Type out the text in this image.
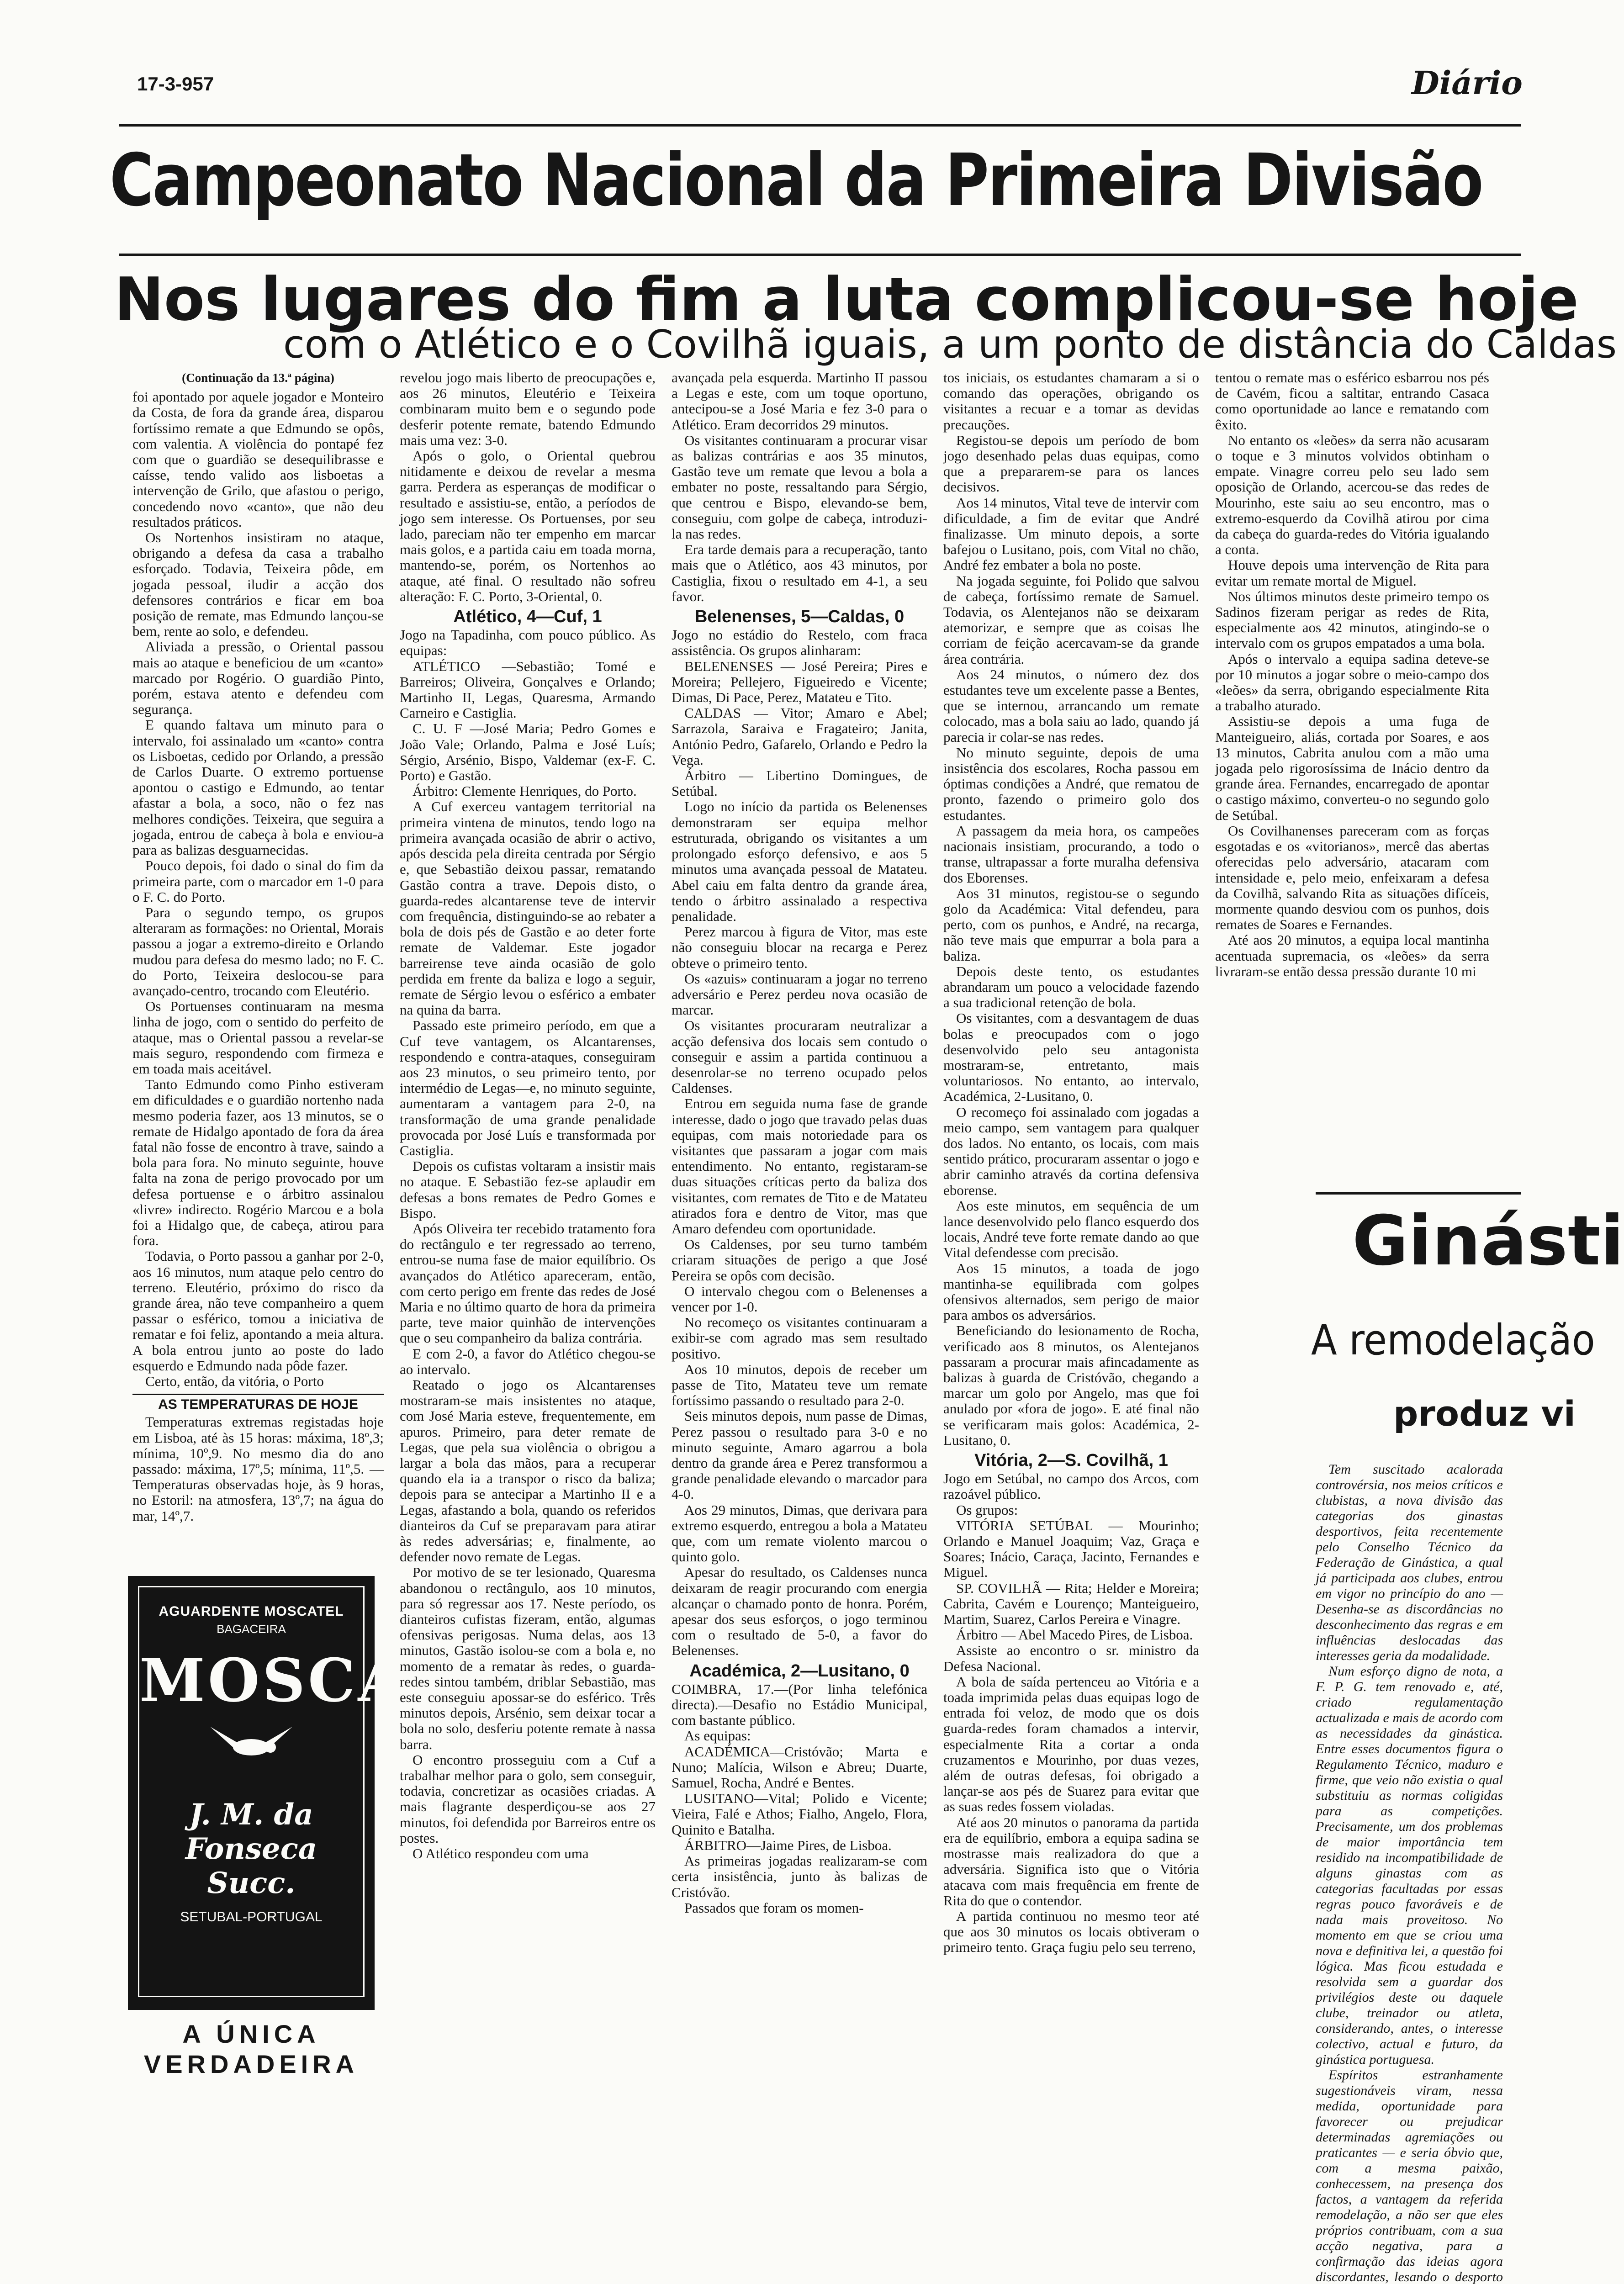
17-3-957	Diário
Campeonato Nacional da Primeira Divisão
Nos lugares do fim a luta complicou-se hoje
com o Atlético e o Covilhã iguais, a um ponto de distância do Caldas

(Continuação da 13.ª página)

foi apontado por aquele jogador e Monteiro da Costa, de fora da grande área, disparou fortíssimo remate a que Edmundo se opôs, com valentia. A violência do pontapé fez com que o guardião se desequilibrasse e caísse, tendo valido aos lisboetas a intervenção de Grilo, que afastou o perigo, concedendo novo «canto», que não deu resultados práticos.

Os Nortenhos insistiram no ataque, obrigando a defesa da casa a trabalho esforçado. Todavia, Teixeira pôde, em jogada pessoal, iludir a acção dos defensores contrários e ficar em boa posição de remate, mas Edmundo lançou-se bem, rente ao solo, e defendeu.

Aliviada a pressão, o Oriental passou mais ao ataque e beneficiou de um «canto» marcado por Rogério. O guardião Pinto, porém, estava atento e defendeu com segurança.

E quando faltava um minuto para o intervalo, foi assinalado um «canto» contra os Lisboetas, cedido por Orlando, a pressão de Carlos Duarte. O extremo portuense apontou o castigo e Edmundo, ao tentar afastar a bola, a soco, não o fez nas melhores condições. Teixeira, que seguira a jogada, entrou de cabeça à bola e enviou-a para as balizas desguarnecidas.

Pouco depois, foi dado o sinal do fim da primeira parte, com o marcador em 1-0 para o F. C. do Porto.

Para o segundo tempo, os grupos alteraram as formações: no Oriental, Morais passou a jogar a extremo-direito e Orlando mudou para defesa do mesmo lado; no F. C. do Porto, Teixeira deslocou-se para avançado-centro, trocando com Eleutério.

Os Portuenses continuaram na mesma linha de jogo, com o sentido do perfeito de ataque, mas o Oriental passou a revelar-se mais seguro, respondendo com firmeza e em toada mais aceitável.

Tanto Edmundo como Pinho estiveram em dificuldades e o guardião nortenho nada mesmo poderia fazer, aos 13 minutos, se o remate de Hidalgo apontado de fora da área fatal não fosse de encontro à trave, saindo a bola para fora. No minuto seguinte, houve falta na zona de perigo provocado por um defesa portuense e o árbitro assinalou «livre» indirecto. Rogério Marcou e a bola foi a Hidalgo que, de cabeça, atirou para fora.

Todavia, o Porto passou a ganhar por 2-0, aos 16 minutos, num ataque pelo centro do terreno. Eleutério, próximo do risco da grande área, não teve companheiro a quem passar o esférico, tomou a iniciativa de rematar e foi feliz, apontando a meia altura. A bola entrou junto ao poste do lado esquerdo e Edmundo nada pôde fazer.

Certo, então, da vitória, o Porto

AS TEMPERATURAS DE HOJE

Temperaturas extremas registadas hoje em Lisboa, até às 15 horas: máxima, 18º,3; mínima, 10º,9. No mesmo dia do ano passado: máxima, 17º,5; mínima, 11º,5. —Temperaturas observadas hoje, às 9 horas, no Estoril: na atmosfera, 13º,7; na água do mar, 14º,7.

AGUARDENTE MOSCATEL
BAGACEIRA
MOSCA
J. M. da Fonseca Succ.
SETUBAL-PORTUGAL
A ÚNICA
VERDADEIRA

revelou jogo mais liberto de preocupações e, aos 26 minutos, Eleutério e Teixeira combinaram muito bem e o segundo pode desferir potente remate, batendo Edmundo mais uma vez: 3-0.

Após o golo, o Oriental quebrou nitidamente e deixou de revelar a mesma garra. Perdera as esperanças de modificar o resultado e assistiu-se, então, a períodos de jogo sem interesse. Os Portuenses, por seu lado, pareciam não ter empenho em marcar mais golos, e a partida caiu em toada morna, mantendo-se, porém, os Nortenhos ao ataque, até final. O resultado não sofreu alteração: F. C. Porto, 3-Oriental, 0.

Atlético, 4—Cuf, 1

Jogo na Tapadinha, com pouco público. As equipas:

ATLÉTICO —Sebastião; Tomé e Barreiros; Oliveira, Gonçalves e Orlando; Martinho II, Legas, Quaresma, Armando Carneiro e Castiglia.

C. U. F —José Maria; Pedro Gomes e João Vale; Orlando, Palma e José Luís; Sérgio, Arsénio, Bispo, Valdemar (ex-F. C. Porto) e Gastão.

Árbitro: Clemente Henriques, do Porto.

A Cuf exerceu vantagem territorial na primeira vintena de minutos, tendo logo na primeira avançada ocasião de abrir o activo, após descida pela direita centrada por Sérgio e, que Sebastião deixou passar, rematando Gastão contra a trave. Depois disto, o guarda-redes alcantarense teve de intervir com frequência, distinguindo-se ao rebater a bola de dois pés de Gastão e ao deter forte remate de Valdemar. Este jogador barreirense teve ainda ocasião de golo perdida em frente da baliza e logo a seguir, remate de Sérgio levou o esférico a embater na quina da barra.

Passado este primeiro período, em que a Cuf teve vantagem, os Alcantarenses, respondendo e contra-ataques, conseguiram aos 23 minutos, o seu primeiro tento, por intermédio de Legas—e, no minuto seguinte, aumentaram a vantagem para 2-0, na transformação de uma grande penalidade provocada por José Luís e transformada por Castiglia.

Depois os cufistas voltaram a insistir mais no ataque. E Sebastião fez-se aplaudir em defesas a bons remates de Pedro Gomes e Bispo.

Após Oliveira ter recebido tratamento fora do rectângulo e ter regressado ao terreno, entrou-se numa fase de maior equilíbrio. Os avançados do Atlético apareceram, então, com certo perigo em frente das redes de José Maria e no último quarto de hora da primeira parte, teve maior quinhão de intervenções que o seu companheiro da baliza contrária.

E com 2-0, a favor do Atlético chegou-se ao intervalo.

Reatado o jogo os Alcantarenses mostraram-se mais insistentes no ataque, com José Maria esteve, frequentemente, em apuros. Primeiro, para deter remate de Legas, que pela sua violência o obrigou a largar a bola das mãos, para a recuperar quando ela ia a transpor o risco da baliza; depois para se antecipar a Martinho II e a Legas, afastando a bola, quando os referidos dianteiros da Cuf se preparavam para atirar às redes adversárias; e, finalmente, ao defender novo remate de Legas.

Por motivo de se ter lesionado, Quaresma abandonou o rectângulo, aos 10 minutos, para só regressar aos 17. Neste período, os dianteiros cufistas fizeram, então, algumas ofensivas perigosas. Numa delas, aos 13 minutos, Gastão isolou-se com a bola e, no momento de a rematar às redes, o guarda-redes sintou também, driblar Sebastião, mas este conseguiu apossar-se do esférico. Três minutos depois, Arsénio, sem deixar tocar a bola no solo, desferiu potente remate à nassa barra.

O encontro prosseguiu com a Cuf a trabalhar melhor para o golo, sem conseguir, todavia, concretizar as ocasiões criadas. A mais flagrante desperdiçou-se aos 27 minutos, foi defendida por Barreiros entre os postes.

O Atlético respondeu com uma

avançada pela esquerda. Martinho II passou a Legas e este, com um toque oportuno, antecipou-se a José Maria e fez 3-0 para o Atlético. Eram decorridos 29 minutos.

Os visitantes continuaram a procurar visar as balizas contrárias e aos 35 minutos, Gastão teve um remate que levou a bola a embater no poste, ressaltando para Sérgio, que centrou e Bispo, elevando-se bem, conseguiu, com golpe de cabeça, introduzi-la nas redes.

Era tarde demais para a recuperação, tanto mais que o Atlético, aos 43 minutos, por Castiglia, fixou o resultado em 4-1, a seu favor.

Belenenses, 5—Caldas, 0

Jogo no estádio do Restelo, com fraca assistência. Os grupos alinharam:

BELENENSES — José Pereira; Pires e Moreira; Pellejero, Figueiredo e Vicente; Dimas, Di Pace, Perez, Matateu e Tito.

CALDAS — Vitor; Amaro e Abel; Sarrazola, Saraiva e Fragateiro; Janita, António Pedro, Gafarelo, Orlando e Pedro la Vega.

Árbitro — Libertino Domingues, de Setúbal.

Logo no início da partida os Belenenses demonstraram ser equipa melhor estruturada, obrigando os visitantes a um prolongado esforço defensivo, e aos 5 minutos uma avançada pessoal de Matateu. Abel caiu em falta dentro da grande área, tendo o árbitro assinalado a respectiva penalidade.

Perez marcou à figura de Vitor, mas este não conseguiu blocar na recarga e Perez obteve o primeiro tento.

Os «azuis» continuaram a jogar no terreno adversário e Perez perdeu nova ocasião de marcar.

Os visitantes procuraram neutralizar a acção defensiva dos locais sem contudo o conseguir e assim a partida continuou a desenrolar-se no terreno ocupado pelos Caldenses.

Entrou em seguida numa fase de grande interesse, dado o jogo que travado pelas duas equipas, com mais notoriedade para os visitantes que passaram a jogar com mais entendimento. No entanto, registaram-se duas situações críticas perto da baliza dos visitantes, com remates de Tito e de Matateu atirados fora e dentro de Vitor, mas que Amaro defendeu com oportunidade.

Os Caldenses, por seu turno também criaram situações de perigo a que José Pereira se opôs com decisão.

O intervalo chegou com o Belenenses a vencer por 1-0.

No recomeço os visitantes continuaram a exibir-se com agrado mas sem resultado positivo.

Aos 10 minutos, depois de receber um passe de Tito, Matateu teve um remate fortíssimo passando o resultado para 2-0.

Seis minutos depois, num passe de Dimas, Perez passou o resultado para 3-0 e no minuto seguinte, Amaro agarrou a bola dentro da grande área e Perez transformou a grande penalidade elevando o marcador para 4-0.

Aos 29 minutos, Dimas, que derivara para extremo esquerdo, entregou a bola a Matateu que, com um remate violento marcou o quinto golo.

Apesar do resultado, os Caldenses nunca deixaram de reagir procurando com energia alcançar o chamado ponto de honra. Porém, apesar dos seus esforços, o jogo terminou com o resultado de 5-0, a favor do Belenenses.

Académica, 2—Lusitano, 0

COIMBRA, 17.—(Por linha telefónica directa).—Desafio no Estádio Municipal, com bastante público.

As equipas:

ACADÉMICA—Cristóvão; Marta e Nuno; Malícia, Wilson e Abreu; Duarte, Samuel, Rocha, André e Bentes.

LUSITANO—Vital; Polido e Vicente; Vieira, Falé e Athos; Fialho, Angelo, Flora, Quinito e Batalha.

ÁRBITRO—Jaime Pires, de Lisboa.

As primeiras jogadas realizaram-se com certa insistência, junto às balizas de Cristóvão.

Passados que foram os momen-

tos iniciais, os estudantes chamaram a si o comando das operações, obrigando os visitantes a recuar e a tomar as devidas precauções.

Registou-se depois um período de bom jogo desenhado pelas duas equipas, como que a prepararem-se para os lances decisivos.

Aos 14 minutos, Vital teve de intervir com dificuldade, a fim de evitar que André finalizasse. Um minuto depois, a sorte bafejou o Lusitano, pois, com Vital no chão, André fez embater a bola no poste.

Na jogada seguinte, foi Polido que salvou de cabeça, fortíssimo remate de Samuel. Todavia, os Alentejanos não se deixaram atemorizar, e sempre que as coisas lhe corriam de feição acercavam-se da grande área contrária.

Aos 24 minutos, o número dez dos estudantes teve um excelente passe a Bentes, que se internou, arrancando um remate colocado, mas a bola saiu ao lado, quando já parecia ir colar-se nas redes.

No minuto seguinte, depois de uma insistência dos escolares, Rocha passou em óptimas condições a André, que rematou de pronto, fazendo o primeiro golo dos estudantes.

A passagem da meia hora, os campeões nacionais insistiam, procurando, a todo o transe, ultrapassar a forte muralha defensiva dos Eborenses.

Aos 31 minutos, registou-se o segundo golo da Académica: Vital defendeu, para perto, com os punhos, e André, na recarga, não teve mais que empurrar a bola para a baliza.

Depois deste tento, os estudantes abrandaram um pouco a velocidade fazendo a sua tradicional retenção de bola.

Os visitantes, com a desvantagem de duas bolas e preocupados com o jogo desenvolvido pelo seu antagonista mostraram-se, entretanto, mais voluntariosos. No entanto, ao intervalo, Académica, 2-Lusitano, 0.

O recomeço foi assinalado com jogadas a meio campo, sem vantagem para qualquer dos lados. No entanto, os locais, com mais sentido prático, procuraram assentar o jogo e abrir caminho através da cortina defensiva eborense.

Aos este minutos, em sequência de um lance desenvolvido pelo flanco esquerdo dos locais, André teve forte remate dando ao que Vital defendesse com precisão.

Aos 15 minutos, a toada de jogo mantinha-se equilibrada com golpes ofensivos alternados, sem perigo de maior para ambos os adversários.

Beneficiando do lesionamento de Rocha, verificado aos 8 minutos, os Alentejanos passaram a procurar mais afincadamente as balizas à guarda de Cristóvão, chegando a marcar um golo por Angelo, mas que foi anulado por «fora de jogo». E até final não se verificaram mais golos: Académica, 2-Lusitano, 0.

Vitória, 2—S. Covilhã, 1

Jogo em Setúbal, no campo dos Arcos, com razoável público.

Os grupos:

VITÓRIA SETÚBAL — Mourinho; Orlando e Manuel Joaquim; Vaz, Graça e Soares; Inácio, Caraça, Jacinto, Fernandes e Miguel.

SP. COVILHÃ — Rita; Helder e Moreira; Cabrita, Cavém e Lourenço; Manteigueiro, Martim, Suarez, Carlos Pereira e Vinagre.

Árbitro — Abel Macedo Pires, de Lisboa.

Assiste ao encontro o sr. ministro da Defesa Nacional.

A bola de saída pertenceu ao Vitória e a toada imprimida pelas duas equipas logo de entrada foi veloz, de modo que os dois guarda-redes foram chamados a intervir, especialmente Rita a cortar a onda cruzamentos e Mourinho, por duas vezes, além de outras defesas, foi obrigado a lançar-se aos pés de Suarez para evitar que as suas redes fossem violadas.

Até aos 20 minutos o panorama da partida era de equilíbrio, embora a equipa sadina se mostrasse mais realizadora do que a adversária. Significa isto que o Vitória atacava com mais frequência em frente de Rita do que o contendor.

A partida continuou no mesmo teor até que aos 30 minutos os locais obtiveram o primeiro tento. Graça fugiu pelo seu terreno,

tentou o remate mas o esférico esbarrou nos pés de Cavém, ficou a saltitar, entrando Casaca como oportunidade ao lance e rematando com êxito.

No entanto os «leões» da serra não acusaram o toque e 3 minutos volvidos obtinham o empate. Vinagre correu pelo seu lado sem oposição de Orlando, acercou-se das redes de Mourinho, este saiu ao seu encontro, mas o extremo-esquerdo da Covilhã atirou por cima da cabeça do guarda-redes do Vitória igualando a conta.

Houve depois uma intervenção de Rita para evitar um remate mortal de Miguel.

Nos últimos minutos deste primeiro tempo os Sadinos fizeram perigar as redes de Rita, especialmente aos 42 minutos, atingindo-se o intervalo com os grupos empatados a uma bola.

Após o intervalo a equipa sadina deteve-se por 10 minutos a jogar sobre o meio-campo dos «leões» da serra, obrigando especialmente Rita a trabalho aturado.

Assistiu-se depois a uma fuga de Manteigueiro, aliás, cortada por Soares, e aos 13 minutos, Cabrita anulou com a mão uma jogada pelo rigorosíssima de Inácio dentro da grande área. Fernandes, encarregado de apontar o castigo máximo, converteu-o no segundo golo de Setúbal.

Os Covilhanenses pareceram com as forças esgotadas e os «vitorianos», mercê das abertas oferecidas pelo adversário, atacaram com intensidade e, pelo meio, enfeixaram a defesa da Covilhã, salvando Rita as situações difíceis, mormente quando desviou com os punhos, dois remates de Soares e Fernandes.

Até aos 20 minutos, a equipa local mantinha acentuada supremacia, os «leões» da serra livraram-se então dessa pressão durante 10 mi

Ginásti
A remodelação
produz vi

Tem suscitado acalorada controvérsia, nos meios críticos e clubistas, a nova divisão das categorias dos ginastas desportivos, feita recentemente pelo Conselho Técnico da Federação de Ginástica, a qual já participada aos clubes, entrou em vigor no princípio do ano — Desenha-se as discordâncias no desconhecimento das regras e em influências deslocadas das interesses geria da modalidade.

Num esforço digno de nota, a F. P. G. tem renovado e, até, criado regulamentação actualizada e mais de acordo com as necessidades da ginástica. Entre esses documentos figura o Regulamento Técnico, maduro e firme, que veio não existia o qual substituiu as normas coligidas para as competições. Precisamente, um dos problemas de maior importância tem residido na incompatibilidade de alguns ginastas com as categorias facultadas por essas regras pouco favoráveis e de nada mais proveitoso. No momento em que se criou uma nova e definitiva lei, a questão foi lógica. Mas ficou estudada e resolvida sem a guardar dos privilégios deste ou daquele clube, treinador ou atleta, considerando, antes, o interesse colectivo, actual e futuro, da ginástica portuguesa.

Espíritos estranhamente sugestionáveis viram, nessa medida, oportunidade para favorecer ou prejudicar determinadas agremiações ou praticantes — e seria óbvio que, com a mesma paixão, conhecessem, na presença dos factos, a vantagem da referida remodelação, a não ser que eles próprios contribuam, com a sua acção negativa, para a confirmação das ideias agora discordantes, lesando o desporto
